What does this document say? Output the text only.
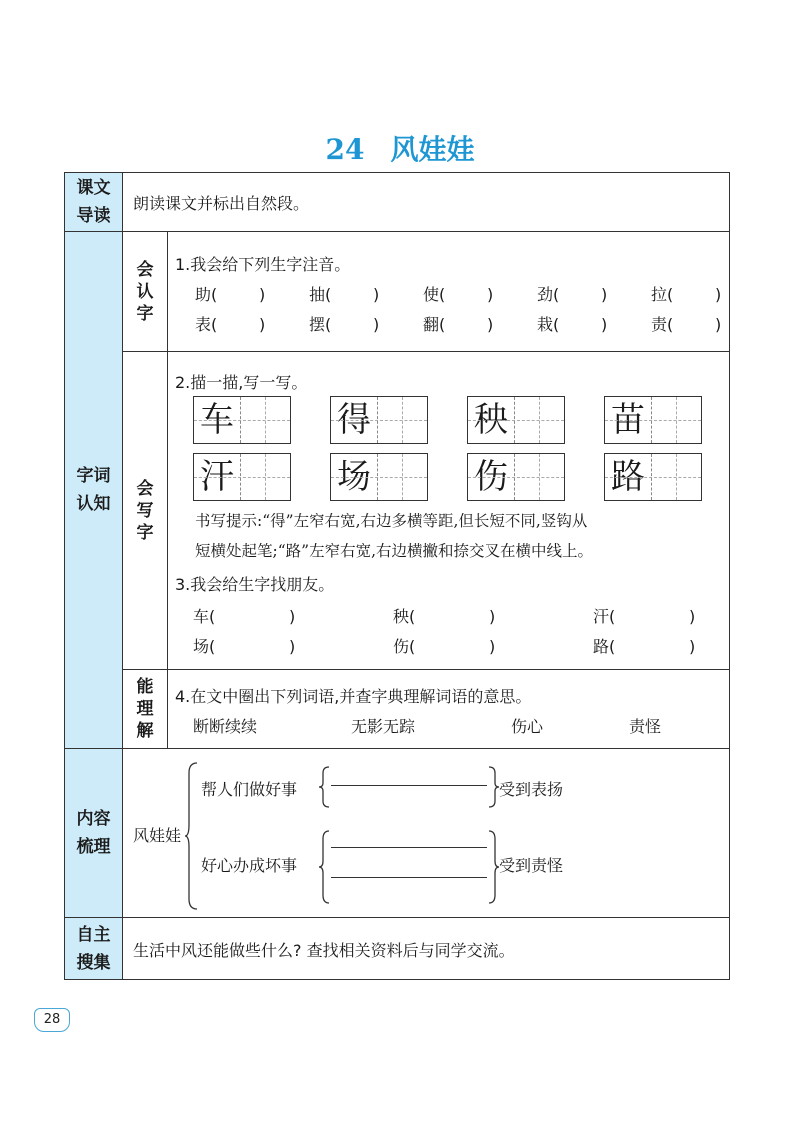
24 风娃娃
课文
导读
朗读课文并标出自然段。
字词
认知
会认字
1.我会给下列生字注音。
助(	)	抽(	)	使(	)	劲(	)	拉(	)
表(	)	摆(	)	翻(	)	栽(	)	责(	)
会写字
2.描一描,写一写。
车	得	秧	苗
汗	场	伤	路
书写提示:“得”左窄右宽,右边多横等距,但长短不同,竖钩从
短横处起笔;“路”左窄右宽,右边横撇和捺交叉在横中线上。
3.我会给生字找朋友。
车(	)	秧(	)	汗(	)
场(	)	伤(	)	路(	)
能理解
4.在文中圈出下列词语,并查字典理解词语的意思。
断断续续	无影无踪	伤心	责怪
内容
梳理
风娃娃
帮人们做好事
好心办成坏事
受到表扬
受到责怪
自主
搜集
生活中风还能做些什么? 查找相关资料后与同学交流。
28
